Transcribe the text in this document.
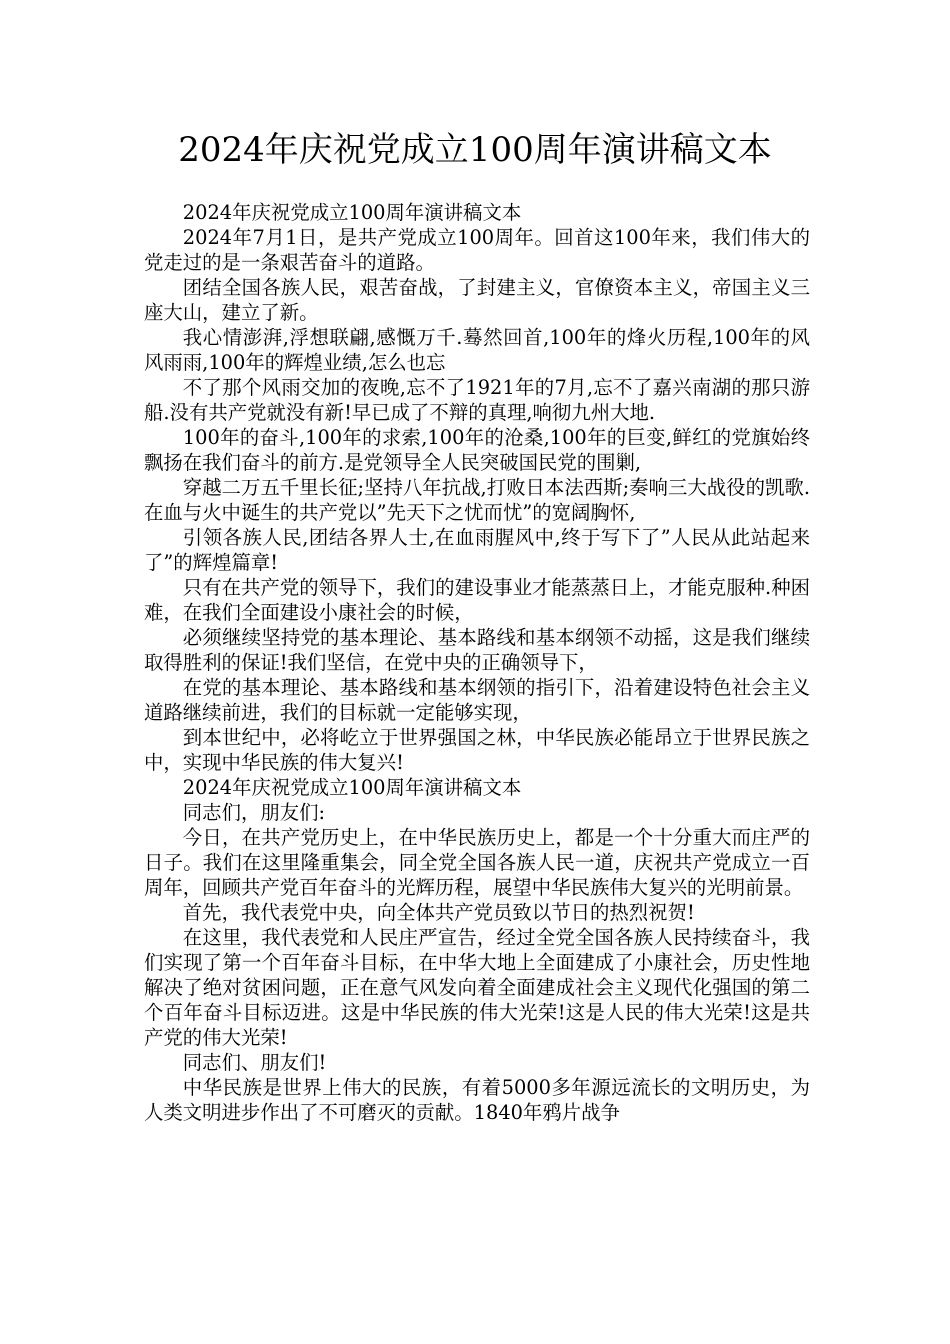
2024年庆祝党成立100周年演讲稿文本

2024年庆祝党成立100周年演讲稿文本

2024年7月1日，是共产党成立100周年。回首这100年来，我们伟大的党走过的是一条艰苦奋斗的道路。

团结全国各族人民，艰苦奋战，了封建主义，官僚资本主义，帝国主义三座大山，建立了新。

我心情澎湃,浮想联翩,感慨万千.蓦然回首,100年的烽火历程,100年的风风雨雨,100年的辉煌业绩,怎么也忘

不了那个风雨交加的夜晚,忘不了1921年的7月,忘不了嘉兴南湖的那只游船.没有共产党就没有新!早已成了不辩的真理,响彻九州大地.

100年的奋斗,100年的求索,100年的沧桑,100年的巨变,鲜红的党旗始终飘扬在我们奋斗的前方.是党领导全人民突破国民党的围剿,

穿越二万五千里长征;坚持八年抗战,打败日本法西斯;奏响三大战役的凯歌.在血与火中诞生的共产党以”先天下之忧而忧”的宽阔胸怀,

引领各族人民,团结各界人士,在血雨腥风中,终于写下了”人民从此站起来了”的辉煌篇章!

只有在共产党的领导下，我们的建设事业才能蒸蒸日上，才能克服种.种困难，在我们全面建设小康社会的时候，

必须继续坚持党的基本理论、基本路线和基本纲领不动摇，这是我们继续取得胜利的保证!我们坚信，在党中央的正确领导下，

在党的基本理论、基本路线和基本纲领的指引下，沿着建设特色社会主义道路继续前进，我们的目标就一定能够实现，

到本世纪中，必将屹立于世界强国之林，中华民族必能昂立于世界民族之中，实现中华民族的伟大复兴!

2024年庆祝党成立100周年演讲稿文本

同志们，朋友们:

今日，在共产党历史上，在中华民族历史上，都是一个十分重大而庄严的日子。我们在这里隆重集会，同全党全国各族人民一道，庆祝共产党成立一百周年，回顾共产党百年奋斗的光辉历程，展望中华民族伟大复兴的光明前景。

首先，我代表党中央，向全体共产党员致以节日的热烈祝贺!

在这里，我代表党和人民庄严宣告，经过全党全国各族人民持续奋斗，我们实现了第一个百年奋斗目标，在中华大地上全面建成了小康社会，历史性地解决了绝对贫困问题，正在意气风发向着全面建成社会主义现代化强国的第二个百年奋斗目标迈进。这是中华民族的伟大光荣!这是人民的伟大光荣!这是共产党的伟大光荣!

同志们、朋友们!

中华民族是世界上伟大的民族，有着5000多年源远流长的文明历史，为人类文明进步作出了不可磨灭的贡献。1840年鸦片战争
